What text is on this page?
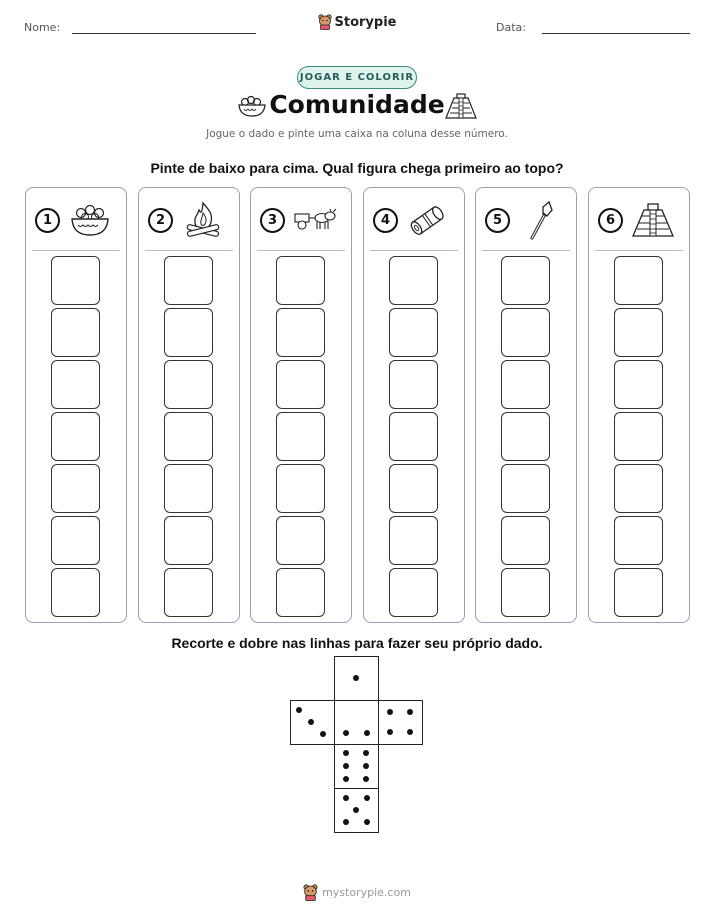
Nome:	Storypie	Data:
JOGAR E COLORIR
Comunidade
Jogue o dado e pinte uma caixa na coluna desse número.
Pinte de baixo para cima. Qual figura chega primeiro ao topo?
1	2	3	4	5	6
Recorte e dobre nas linhas para fazer seu próprio dado.
mystorypie.com
